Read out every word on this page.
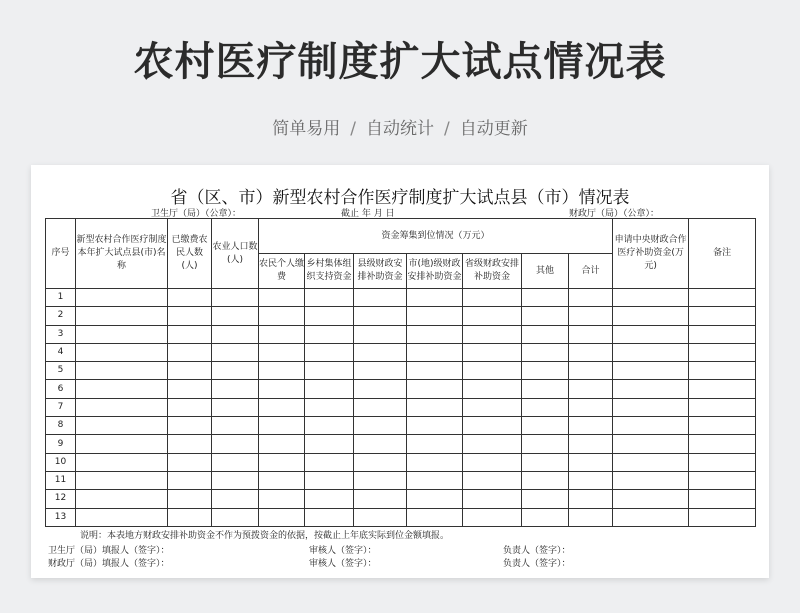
农村医疗制度扩大试点情况表
简单易用 / 自动统计 / 自动更新
省（区、市）新型农村合作医疗制度扩大试点县（市）情况表
卫生厅（局）（公章）：	截止 年 月 日	财政厅（局）（公章）：
序号	新型农村合作医疗制度本年扩大试点县(市)名称	已缴费农民人数(人)	农业人口数(人)	资金筹集到位情况（万元）							申请中央财政合作医疗补助资金(万元)	备注
				农民个人缴费	乡村集体组织支持资金	县级财政安排补助资金	市(地)级财政安排补助资金	省级财政安排补助资金	其他	合计		
1												
2												
3												
4												
5												
6												
7												
8												
9												
10												
11												
12												
13												
说明：本表地方财政安排补助资金不作为预拨资金的依据，按截止上年底实际到位金额填报。
卫生厅（局）填报人（签字）：	审核人（签字）：	负责人（签字）：
财政厅（局）填报人（签字）：	审核人（签字）：	负责人（签字）：
